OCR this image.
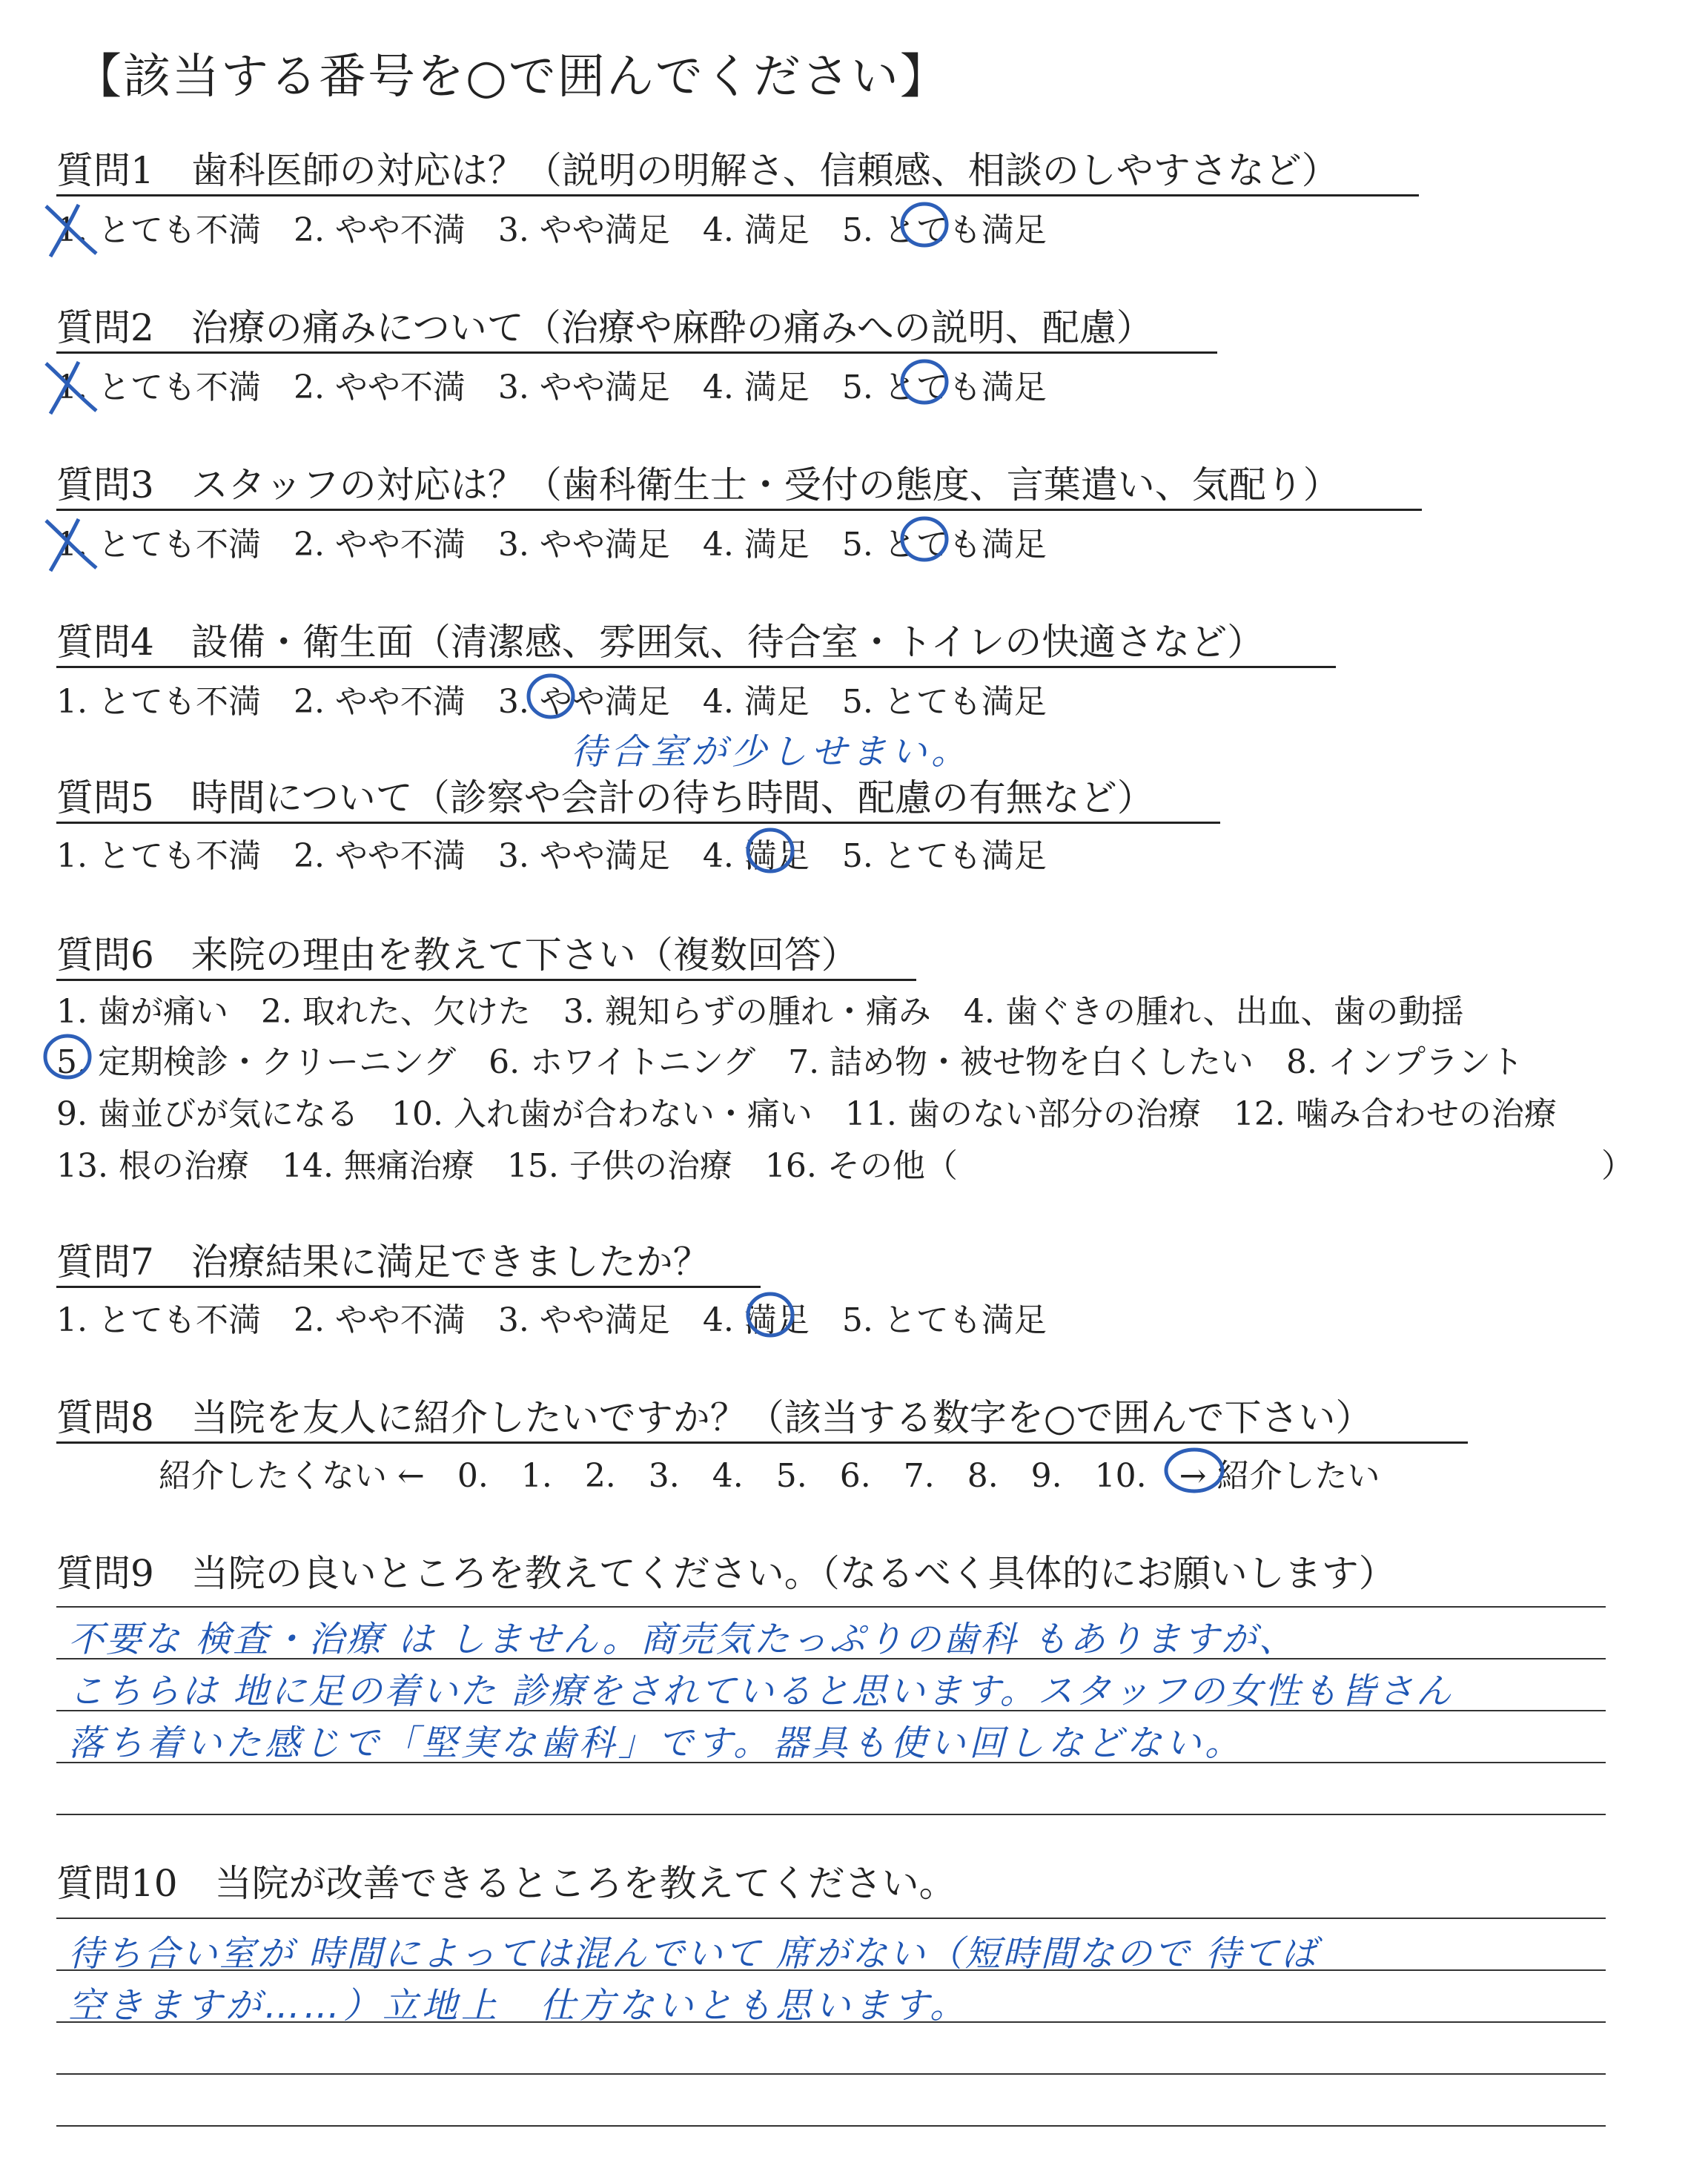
【該当する番号を○で囲んでください】
質問1　歯科医師の対応は？（説明の明解さ、信頼感、相談のしやすさなど）
1. とても不満　2. やや不満　3. やや満足　4. 満足　5. とても満足
質問2　治療の痛みについて（治療や麻酔の痛みへの説明、配慮）
1. とても不満　2. やや不満　3. やや満足　4. 満足　5. とても満足
質問3　スタッフの対応は？（歯科衛生士・受付の態度、言葉遣い、気配り）
1. とても不満　2. やや不満　3. やや満足　4. 満足　5. とても満足
質問4　設備・衛生面（清潔感、雰囲気、待合室・トイレの快適さなど）
1. とても不満　2. やや不満　3. やや満足　4. 満足　5. とても満足
待合室が少しせまい。
質問5　時間について（診察や会計の待ち時間、配慮の有無など）
1. とても不満　2. やや不満　3. やや満足　4. 満足　5. とても満足
質問6　来院の理由を教えて下さい（複数回答）
1. 歯が痛い　2. 取れた、欠けた　3. 親知らずの腫れ・痛み　4. 歯ぐきの腫れ、出血、歯の動揺
5. 定期検診・クリーニング　6. ホワイトニング　7. 詰め物・被せ物を白くしたい　8. インプラント
9. 歯並びが気になる　10. 入れ歯が合わない・痛い　11. 歯のない部分の治療　12. 噛み合わせの治療
13. 根の治療　14. 無痛治療　15. 子供の治療　16. その他（	）
質問7　治療結果に満足できましたか？
1. とても不満　2. やや不満　3. やや満足　4. 満足　5. とても満足
質問8　当院を友人に紹介したいですか？（該当する数字を○で囲んで下さい）
紹介したくない ←　0.　1.　2.　3.　4.　5.　6.　7.　8.　9.　10.　→ 紹介したい
質問9　当院の良いところを教えてください。（なるべく具体的にお願いします）
不要な 検査・治療 は しません。商売気たっぷりの歯科 もありますが、
こちらは 地に足の着いた 診療をされていると思います。スタッフの女性も皆さん
落ち着いた感じで「堅実な歯科」です。器具も使い回しなどない。
質問10　当院が改善できるところを教えてください。
待ち合い室が 時間によっては混んでいて 席がない（短時間なので 待てば
空きますが……）立地上　仕方ないとも思います。
